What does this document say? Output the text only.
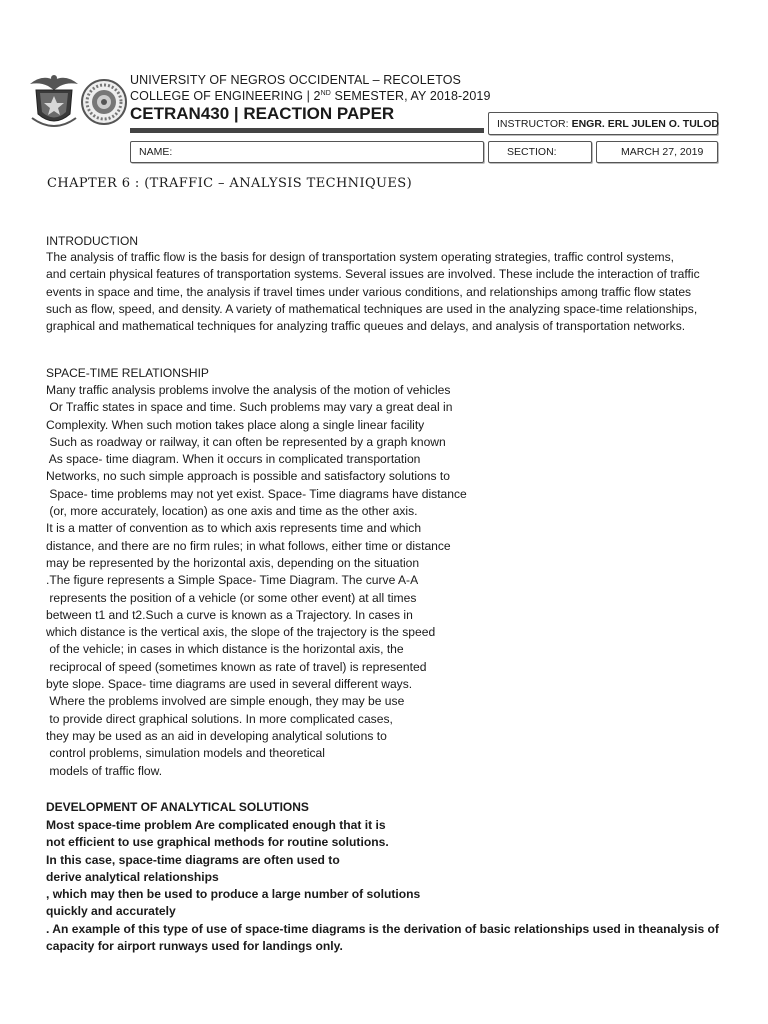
UNIVERSITY OF NEGROS OCCIDENTAL – RECOLETOS
COLLEGE OF ENGINEERING | 2ND SEMESTER, AY 2018-2019
CETRAN430 | REACTION PAPER
INSTRUCTOR: ENGR. ERL JULEN O. TULOD
NAME:	SECTION:	MARCH 27, 2019
CHAPTER 6 : (TRAFFIC – ANALYSIS TECHNIQUES)
INTRODUCTION
The analysis of traffic flow is the basis for design of transportation system operating strategies, traffic control systems,
and certain physical features of transportation systems. Several issues are involved. These include the interaction of traffic
events in space and time, the analysis if travel times under various conditions, and relationships among traffic flow states
such as flow, speed, and density. A variety of mathematical techniques are used in the analyzing space-time relationships,
graphical and mathematical techniques for analyzing traffic queues and delays, and analysis of transportation networks.
SPACE-TIME RELATIONSHIP
Many traffic analysis problems involve the analysis of the motion of vehicles
Or Traffic states in space and time. Such problems may vary a great deal in
Complexity. When such motion takes place along a single linear facility
Such as roadway or railway, it can often be represented by a graph known
As space- time diagram. When it occurs in complicated transportation
Networks, no such simple approach is possible and satisfactory solutions to
Space- time problems may not yet exist. Space- Time diagrams have distance
(or, more accurately, location) as one axis and time as the other axis.
It is a matter of convention as to which axis represents time and which
distance, and there are no firm rules; in what follows, either time or distance
may be represented by the horizontal axis, depending on the situation
.The figure represents a Simple Space- Time Diagram. The curve A-A
represents the position of a vehicle (or some other event) at all times
between t1 and t2.Such a curve is known as a Trajectory. In cases in
which distance is the vertical axis, the slope of the trajectory is the speed
of the vehicle; in cases in which distance is the horizontal axis, the
reciprocal of speed (sometimes known as rate of travel) is represented
byte slope. Space- time diagrams are used in several different ways.
Where the problems involved are simple enough, they may be use
to provide direct graphical solutions. In more complicated cases,
they may be used as an aid in developing analytical solutions to
control problems, simulation models and theoretical
models of traffic flow.
DEVELOPMENT OF ANALYTICAL SOLUTIONS
Most space-time problem Are complicated enough that it is
not efficient to use graphical methods for routine solutions.
In this case, space-time diagrams are often used to
derive analytical relationships
, which may then be used to produce a large number of solutions
quickly and accurately
. An example of this type of use of space-time diagrams is the derivation of basic relationships used in theanalysis of
capacity for airport runways used for landings only.
